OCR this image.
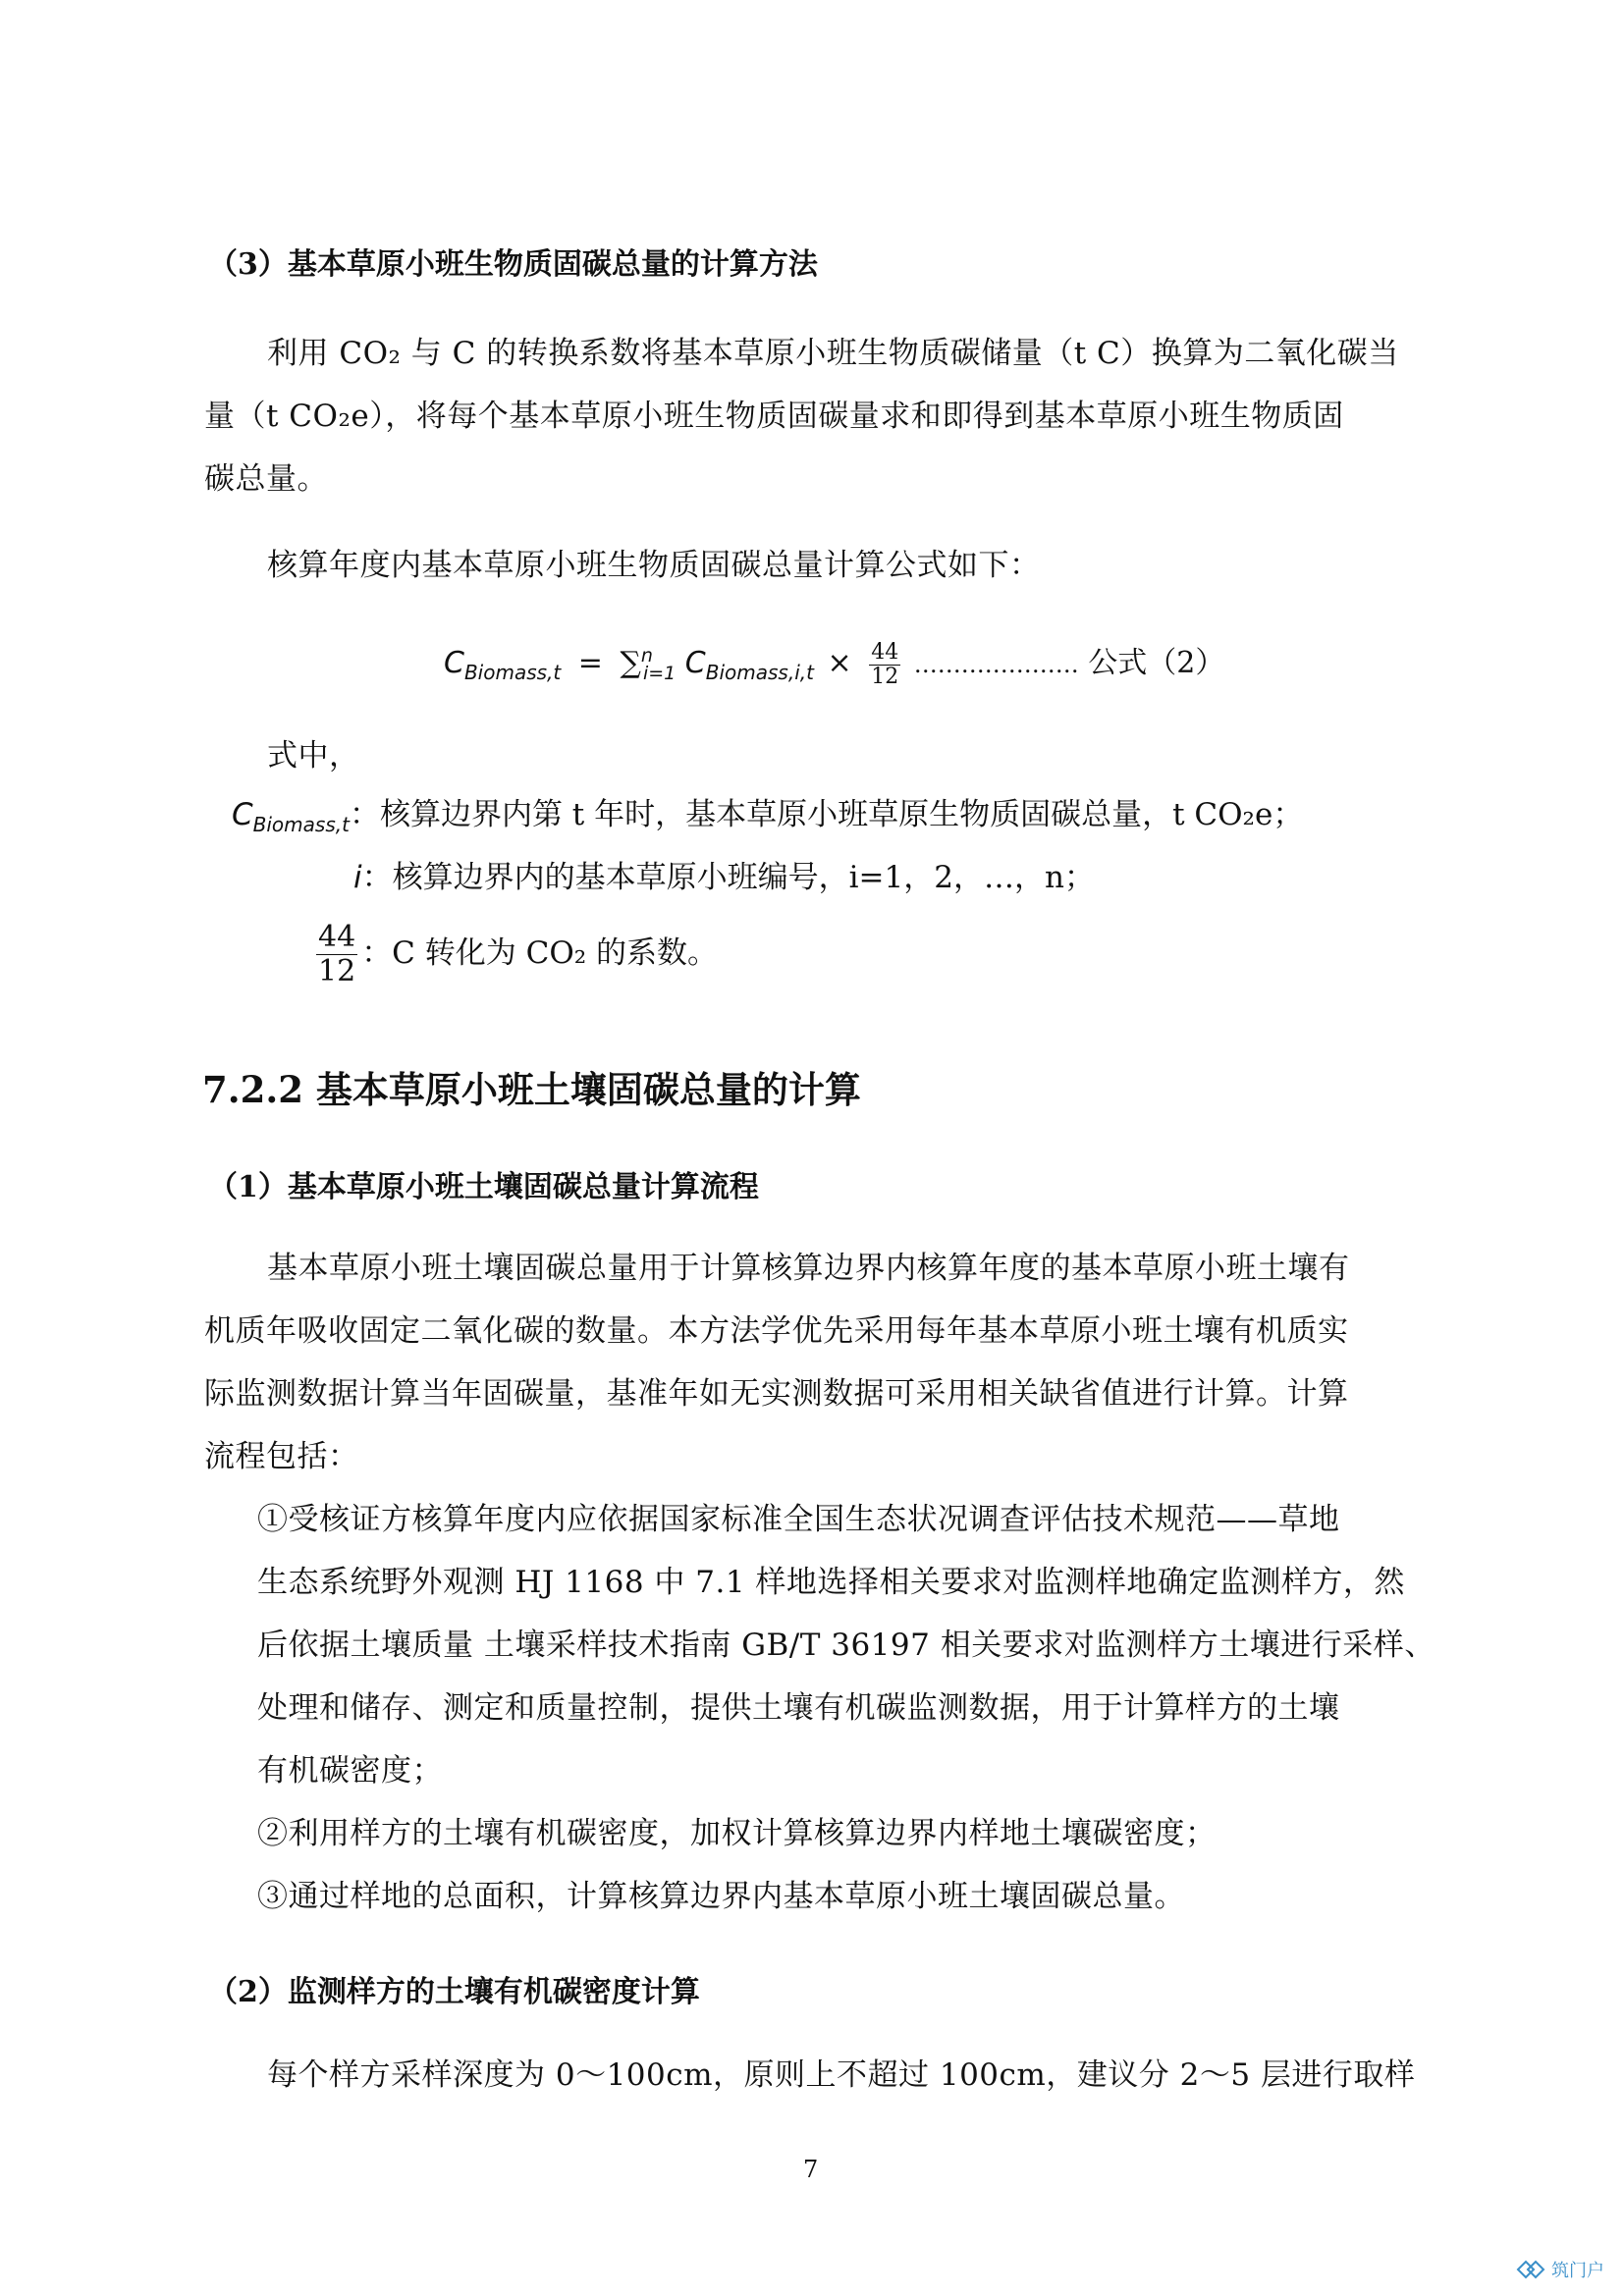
（3）基本草原小班生物质固碳总量的计算方法
利用 CO₂ 与 C 的转换系数将基本草原小班生物质碳储量（t C）换算为二氧化碳当
量（t CO₂e），将每个基本草原小班生物质固碳量求和即得到基本草原小班生物质固
碳总量。
核算年度内基本草原小班生物质固碳总量计算公式如下：
$C_{Biomass,t} = \sum^n_{i=1}$ $C_{Biomass,i,t} \times \frac{44}{12}$ ………………… 公式（2）
式中，
$C_{Biomass,t}$：核算边界内第 t 年时，基本草原小班草原生物质固碳总量，t CO₂e；
i：核算边界内的基本草原小班编号，i=1，2，…，n；
$\frac{44}{12}$ ：C 转化为 CO₂ 的系数。
7.2.2 基本草原小班土壤固碳总量的计算
（1）基本草原小班土壤固碳总量计算流程
基本草原小班土壤固碳总量用于计算核算边界内核算年度的基本草原小班土壤有
机质年吸收固定二氧化碳的数量。本方法学优先采用每年基本草原小班土壤有机质实
际监测数据计算当年固碳量，基准年如无实测数据可采用相关缺省值进行计算。计算
流程包括：
①受核证方核算年度内应依据国家标准全国生态状况调查评估技术规范——草地
生态系统野外观测 HJ 1168 中 7.1 样地选择相关要求对监测样地确定监测样方，然
后依据土壤质量 土壤采样技术指南 GB/T 36197 相关要求对监测样方土壤进行采样、
处理和储存、测定和质量控制，提供土壤有机碳监测数据，用于计算样方的土壤
有机碳密度；
②利用样方的土壤有机碳密度，加权计算核算边界内样地土壤碳密度；
③通过样地的总面积，计算核算边界内基本草原小班土壤固碳总量。
（2）监测样方的土壤有机碳密度计算
每个样方采样深度为 0～100cm，原则上不超过 100cm，建议分 2～5 层进行取样
7
筑门户
